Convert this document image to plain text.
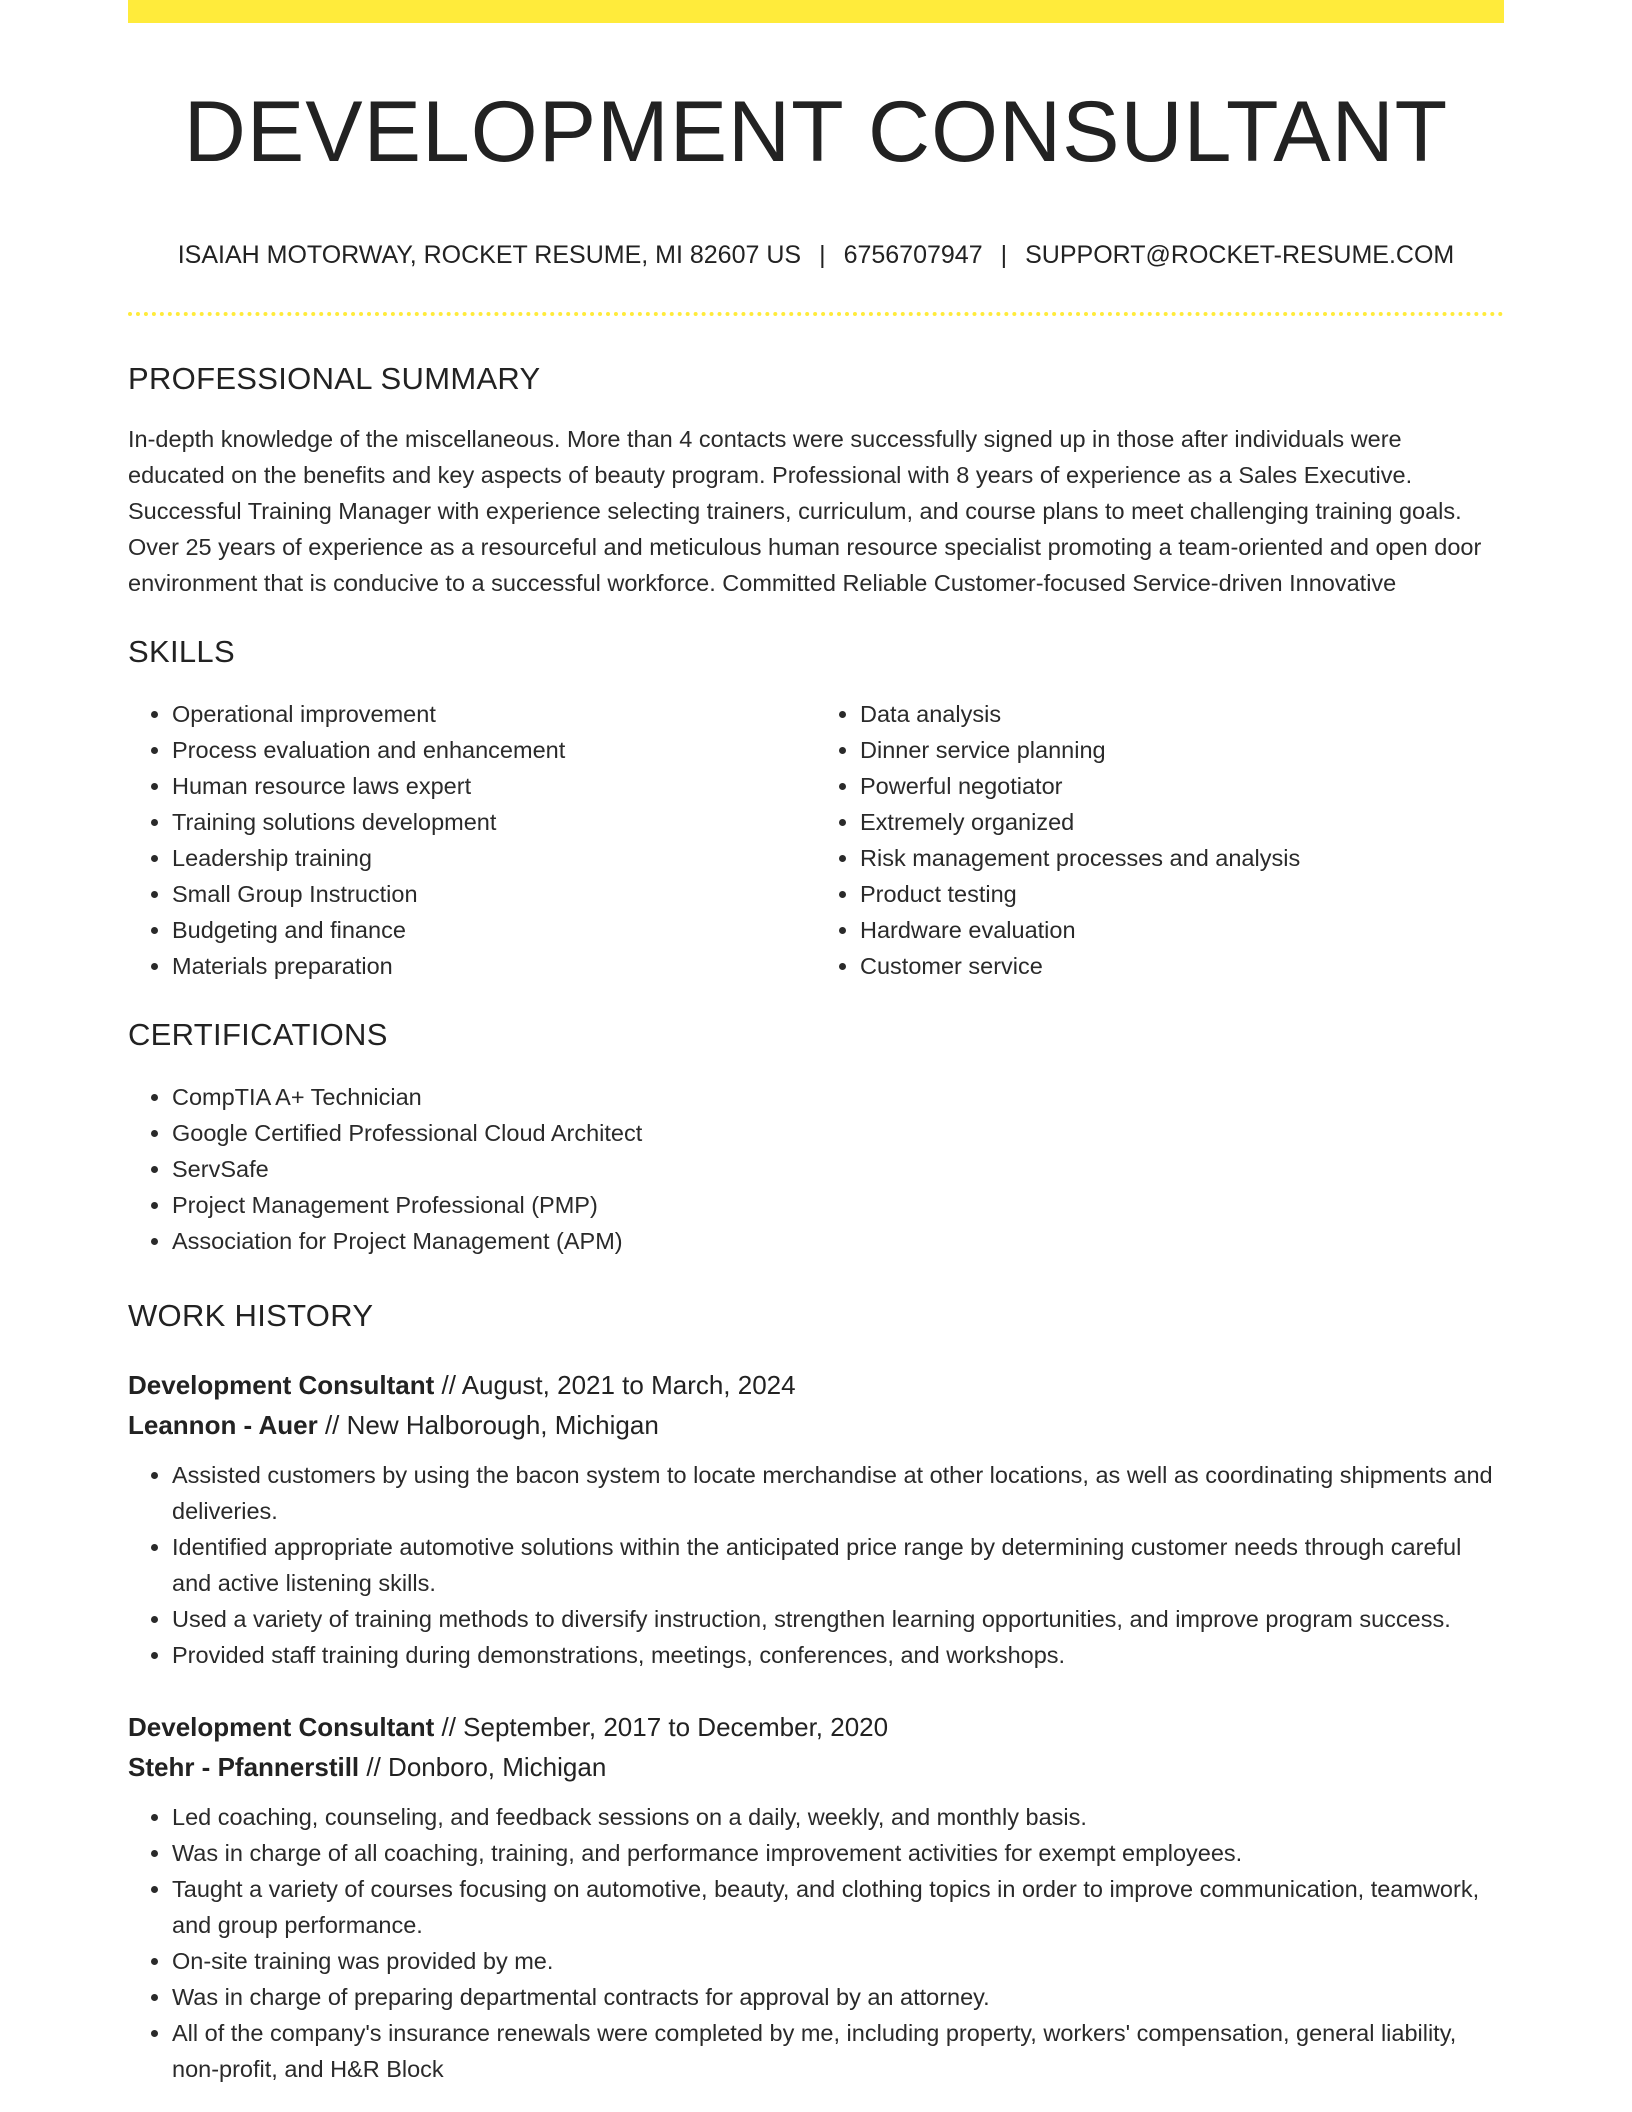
DEVELOPMENT CONSULTANT
ISAIAH MOTORWAY, ROCKET RESUME, MI 82607 US | 6756707947 | SUPPORT@ROCKET-RESUME.COM
PROFESSIONAL SUMMARY

In-depth knowledge of the miscellaneous. More than 4 contacts were successfully signed up in those after individuals were educated on the benefits and key aspects of beauty program. Professional with 8 years of experience as a Sales Executive. Successful Training Manager with experience selecting trainers, curriculum, and course plans to meet challenging training goals. Over 25 years of experience as a resourceful and meticulous human resource specialist promoting a team-oriented and open door environment that is conducive to a successful workforce. Committed Reliable Customer-focused Service-driven Innovative

SKILLS
• Operational improvement
• Process evaluation and enhancement
• Human resource laws expert
• Training solutions development
• Leadership training
• Small Group Instruction
• Budgeting and finance
• Materials preparation
• Data analysis
• Dinner service planning
• Powerful negotiator
• Extremely organized
• Risk management processes and analysis
• Product testing
• Hardware evaluation
• Customer service
CERTIFICATIONS
• CompTIA A+ Technician
• Google Certified Professional Cloud Architect
• ServSafe
• Project Management Professional (PMP)
• Association for Project Management (APM)
WORK HISTORY
Development Consultant // August, 2021 to March, 2024
Leannon - Auer // New Halborough, Michigan
• Assisted customers by using the bacon system to locate merchandise at other locations, as well as coordinating shipments and deliveries.
• Identified appropriate automotive solutions within the anticipated price range by determining customer needs through careful and active listening skills.
• Used a variety of training methods to diversify instruction, strengthen learning opportunities, and improve program success.
• Provided staff training during demonstrations, meetings, conferences, and workshops.
Development Consultant // September, 2017 to December, 2020
Stehr - Pfannerstill // Donboro, Michigan
• Led coaching, counseling, and feedback sessions on a daily, weekly, and monthly basis.
• Was in charge of all coaching, training, and performance improvement activities for exempt employees.
• Taught a variety of courses focusing on automotive, beauty, and clothing topics in order to improve communication, teamwork, and group performance.
• On-site training was provided by me.
• Was in charge of preparing departmental contracts for approval by an attorney.
• All of the company's insurance renewals were completed by me, including property, workers' compensation, general liability, non-profit, and H&R Block
